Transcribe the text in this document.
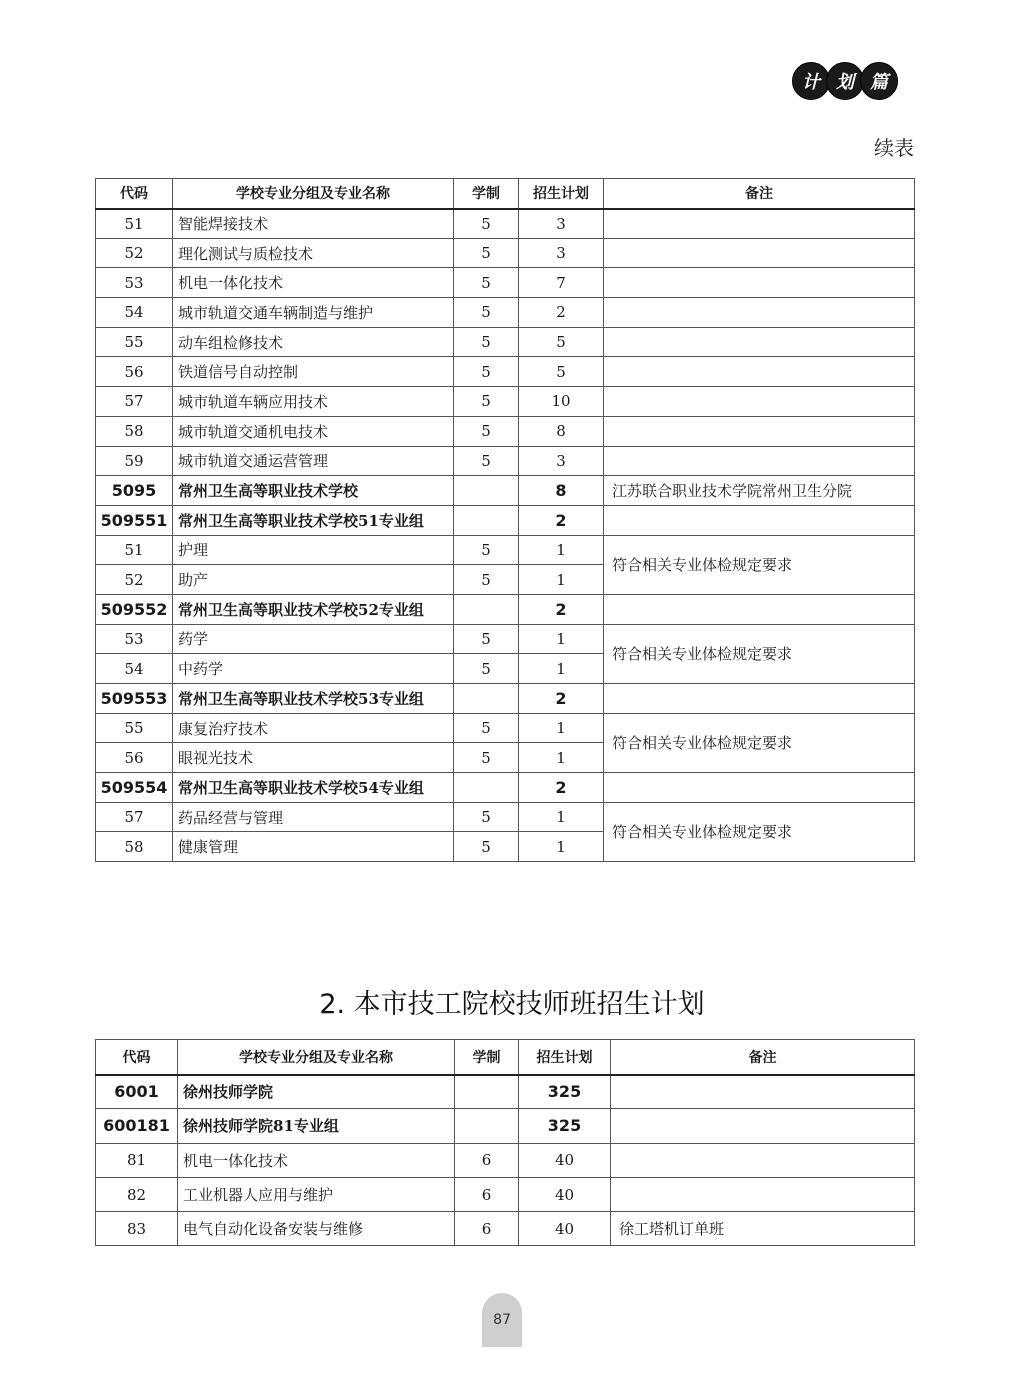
计 划 篇
续表
代码	学校专业分组及专业名称	学制	招生计划	备注
51	智能焊接技术	5	3	
52	理化测试与质检技术	5	3	
53	机电一体化技术	5	7	
54	城市轨道交通车辆制造与维护	5	2	
55	动车组检修技术	5	5	
56	铁道信号自动控制	5	5	
57	城市轨道车辆应用技术	5	10	
58	城市轨道交通机电技术	5	8	
59	城市轨道交通运营管理	5	3	
5095	常州卫生高等职业技术学校		8	江苏联合职业技术学院常州卫生分院
509551	常州卫生高等职业技术学校51专业组		2	
51	护理	5	1	符合相关专业体检规定要求
52	助产	5	1	
509552	常州卫生高等职业技术学校52专业组		2	
53	药学	5	1	符合相关专业体检规定要求
54	中药学	5	1	
509553	常州卫生高等职业技术学校53专业组		2	
55	康复治疗技术	5	1	符合相关专业体检规定要求
56	眼视光技术	5	1	
509554	常州卫生高等职业技术学校54专业组		2	
57	药品经营与管理	5	1	符合相关专业体检规定要求
58	健康管理	5	1	
2. 本市技工院校技师班招生计划
代码	学校专业分组及专业名称	学制	招生计划	备注
6001	徐州技师学院		325	
600181	徐州技师学院81专业组		325	
81	机电一体化技术	6	40	
82	工业机器人应用与维护	6	40	
83	电气自动化设备安装与维修	6	40	徐工塔机订单班
87
